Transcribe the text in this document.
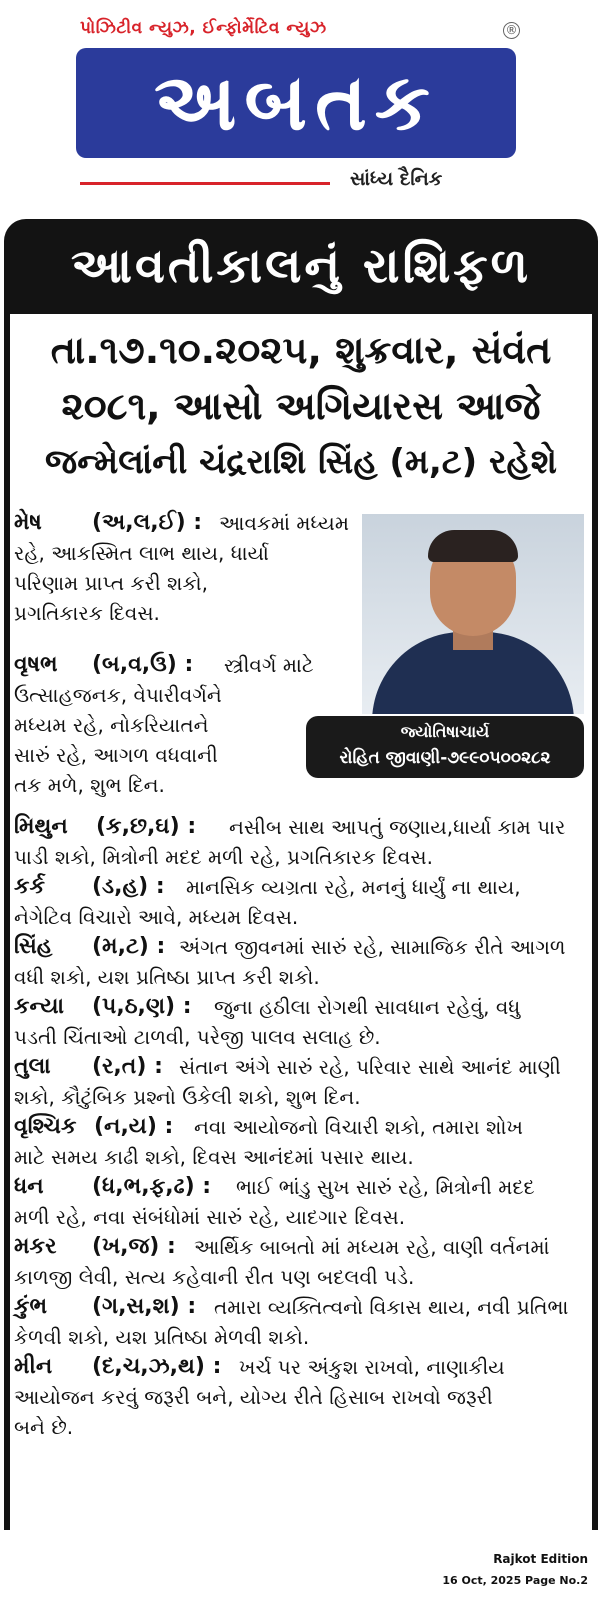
પોઝિટીવ ન્યુઝ, ઈન્ફોર્મેટિવ ન્યુઝ	®
અબતક
સાંધ્ય દૈનિક
આવતીકાલનું રાશિફળ
તા.૧૭.૧૦.૨૦૨૫, શુક્રવાર, સંવંત
૨૦૮૧, આસો અગિયારસ આજે
જન્મેલાંની ચંદ્રરાશિ સિંહ (મ,ટ) રહેશે
જ્યોતિષાચાર્ય
રોહિત જીવાણી-૭૯૯૦૫૦૦૨૮૨
મેષ (અ,લ,ઈ) : આવકમાં મધ્યમ
રહે, આકસ્મિત લાભ થાય, ધાર્યા
પરિણામ પ્રાપ્ત કરી શકો,
પ્રગતિકારક દિવસ.
વૃષભ (બ,વ,ઉ) : સ્ત્રીવર્ગ માટે
ઉત્સાહજનક, વેપારીવર્ગને
મધ્યમ રહે, નોકરિયાતને
સારું રહે, આગળ વધવાની
તક મળે, શુભ દિન.
મિથુન (ક,છ,ઘ) : નસીબ સાથ આપતું જણાય,ધાર્યા કામ પાર
પાડી શકો, મિત્રોની મદદ મળી રહે, પ્રગતિકારક દિવસ.
કર્ક (ડ,હ) : માનસિક વ્યગ્રતા રહે, મનનું ધાર્યું ના થાય,
નેગેટિવ વિચારો આવે, મધ્યમ દિવસ.
સિંહ (મ,ટ) : અંગત જીવનમાં સારું રહે, સામાજિક રીતે આગળ
વધી શકો, યશ પ્રતિષ્ઠા પ્રાપ્ત કરી શકો.
કન્યા (પ,ઠ,ણ) : જુના હઠીલા રોગથી સાવધાન રહેવું, વધુ
પડતી ચિંતાઓ ટાળવી, પરેજી પાલવ સલાહ છે.
તુલા (ર,ત) : સંતાન અંગે સારું રહે, પરિવાર સાથે આનંદ માણી
શકો, કૌટુંબિક પ્રશ્નો ઉકેલી શકો, શુભ દિન.
વૃશ્ચિક (ન,ય) : નવા આયોજનો વિચારી શકો, તમારા શોખ
માટે સમય કાઢી શકો, દિવસ આનંદમાં પસાર થાય.
ધન (ધ,ભ,ફ,ઢ) : ભાઈ ભાંડુ સુખ સારું રહે, મિત્રોની મદદ
મળી રહે, નવા સંબંધોમાં સારું રહે, યાદગાર દિવસ.
મકર (ખ,જ) : આર્થિક બાબતો માં મધ્યમ રહે, વાણી વર્તનમાં
કાળજી લેવી, સત્ય કહેવાની રીત પણ બદલવી પડે.
કુંભ (ગ,સ,શ) : તમારા વ્યક્તિત્વનો વિકાસ થાય, નવી પ્રતિભા
કેળવી શકો, યશ પ્રતિષ્ઠા મેળવી શકો.
મીન (દ,ચ,ઝ,થ) : ખર્ચ પર અંકુશ રાખવો, નાણાકીય
આયોજન કરવું જરૂરી બને, યોગ્ય રીતે હિસાબ રાખવો જરૂરી
બને છે.
Rajkot Edition
16 Oct, 2025 Page No.2
